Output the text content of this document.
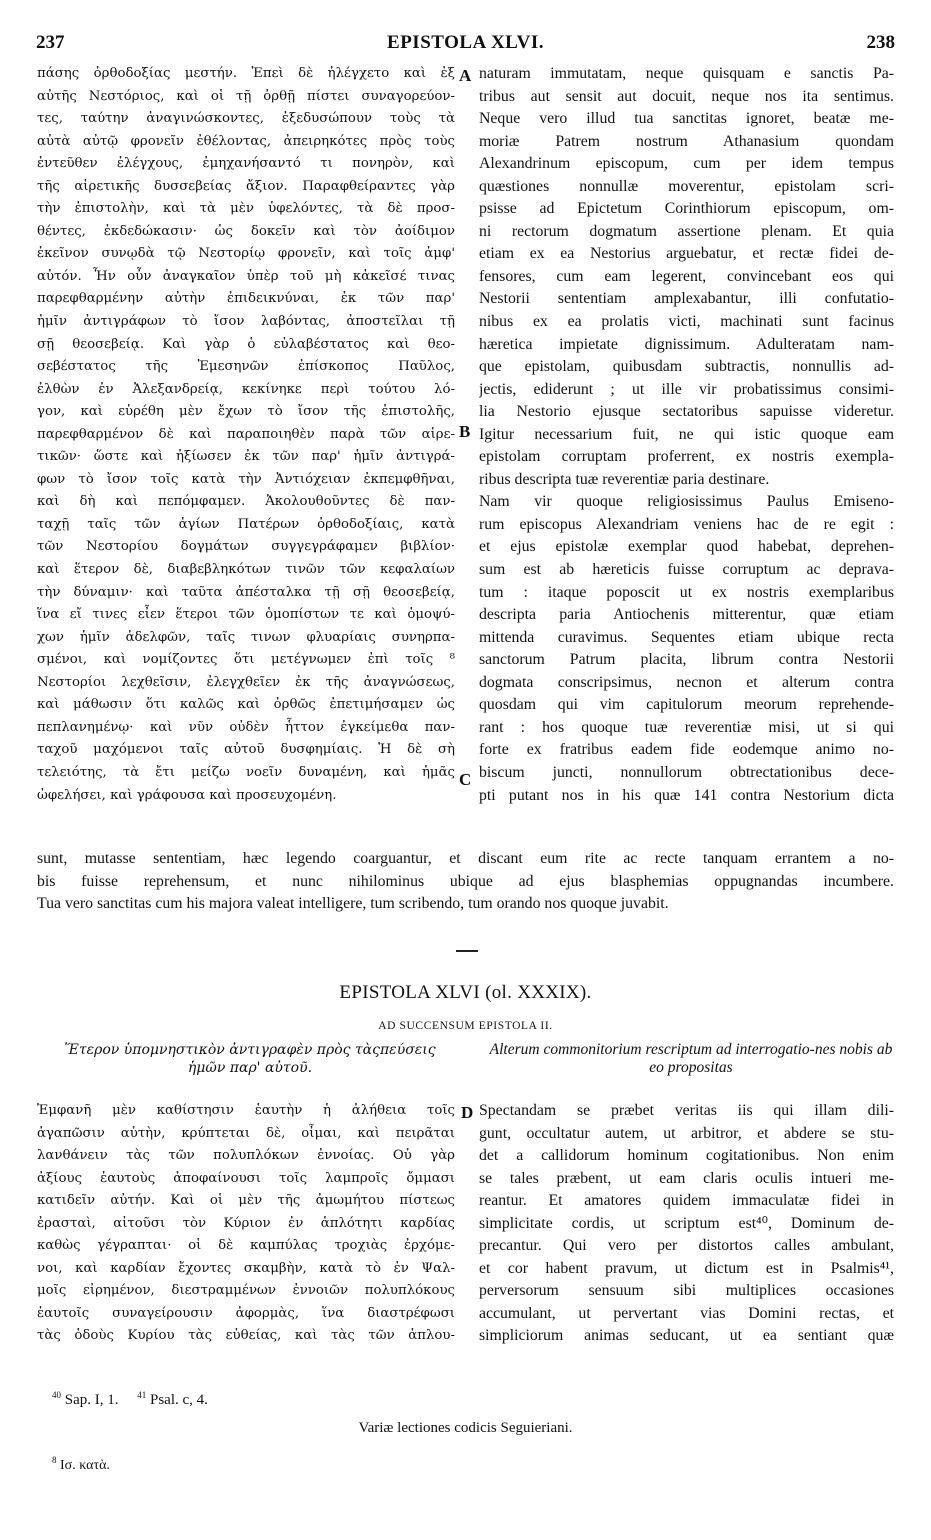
237	EPISTOLA XLVI.	238
πάσης ὀρθοδοξίας μεστήν. Ἐπεὶ δὲ ἠλέγχετο καὶ ἐξ
αὐτῆς Νεστόριος, καὶ οἱ τῇ ὀρθῇ πίστει συναγορεύον-
τες, ταύτην ἀναγινώσκοντες, ἐξεδυσώπουν τοὺς τὰ
αὐτὰ αὐτῷ φρονεῖν ἐθέλοντας, ἀπειρηκότες πρὸς τοὺς
ἐντεῦθεν ἐλέγχους, ἐμηχανήσαντό τι πονηρὸν, καὶ
τῆς αἱρετικῆς δυσσεβείας ἄξιον. Παραφθείραντες γὰρ
τὴν ἐπιστολὴν, καὶ τὰ μὲν ὑφελόντες, τὰ δὲ προσ-
θέντες, ἐκδεδώκασιν· ὡς δοκεῖν καὶ τὸν ἀοίδιμον
ἐκεῖνον συνῳδὰ τῷ Νεστορίῳ φρονεῖν, καὶ τοῖς ἀμφ'
αὐτόν. Ἦν οὖν ἀναγκαῖον ὑπὲρ τοῦ μὴ κἀκεῖσέ τινας
παρεφθαρμένην αὐτὴν ἐπιδεικνύναι, ἐκ τῶν παρ'
ἡμῖν ἀντιγράφων τὸ ἴσον λαβόντας, ἀποστεῖλαι τῇ
σῇ θεοσεβείᾳ. Καὶ γὰρ ὁ εὐλαβέστατος καὶ θεο-
σεβέστατος τῆς Ἐμεσηνῶν ἐπίσκοπος Παῦλος,
ἐλθὼν ἐν Ἀλεξανδρείᾳ, κεκίνηκε περὶ τούτου λό-
γον, καὶ εὑρέθη μὲν ἔχων τὸ ἴσον τῆς ἐπιστολῆς,
παρεφθαρμένον δὲ καὶ παραποιηθὲν παρὰ τῶν αἱρε-
τικῶν· ὥστε καὶ ἠξίωσεν ἐκ τῶν παρ' ἡμῖν ἀντιγρά-
φων τὸ ἴσον τοῖς κατὰ τὴν Ἀντιόχειαν ἐκπεμφθῆναι,
καὶ δὴ καὶ πεπόμφαμεν. Ἀκολουθοῦντες δὲ παν-
ταχῇ ταῖς τῶν ἁγίων Πατέρων ὀρθοδοξίαις, κατὰ
τῶν Νεστορίου δογμάτων συγγεγράφαμεν βιβλίον·
καὶ ἕτερον δὲ, διαβεβληκότων τινῶν τῶν κεφαλαίων
τὴν δύναμιν· καὶ ταῦτα ἀπέσταλκα τῇ σῇ θεοσεβείᾳ,
ἵνα εἴ τινες εἶεν ἕτεροι τῶν ὁμοπίστων τε καὶ ὁμοψύ-
χων ἡμῖν ἀδελφῶν, ταῖς τινων φλυαρίαις συνηρπα-
σμένοι, καὶ νομίζοντες ὅτι μετέγνωμεν ἐπὶ τοῖς ⁸
Νεστορίοι λεχθεῖσιν, ἐλεγχθεῖεν ἐκ τῆς ἀναγνώσεως,
καὶ μάθωσιν ὅτι καλῶς καὶ ὀρθῶς ἐπετιμήσαμεν ὡς
πεπλανημένῳ· καὶ νῦν οὐδὲν ἧττον ἐγκείμεθα παν-
ταχοῦ μαχόμενοι ταῖς αὐτοῦ δυσφημίαις. Ἡ δὲ σὴ
τελειότης, τὰ ἔτι μείζω νοεῖν δυναμένη, καὶ ἡμᾶς
ὠφελήσει, καὶ γράφουσα καὶ προσευχομένη.
naturam immutatam, neque quisquam e sanctis Pa-
tribus aut sensit aut docuit, neque nos ita sentimus.
Neque vero illud tua sanctitas ignoret, beatæ me-
moriæ Patrem nostrum Athanasium quondam
Alexandrinum episcopum, cum per idem tempus
quæstiones nonnullæ moverentur, epistolam scri-
psisse ad Epictetum Corinthiorum episcopum, om-
ni rectorum dogmatum assertione plenam. Et quia
etiam ex ea Nestorius arguebatur, et rectæ fidei de-
fensores, cum eam legerent, convincebant eos qui
Nestorii sententiam amplexabantur, illi confutatio-
nibus ex ea prolatis victi, machinati sunt facinus
hæretica impietate dignissimum. Adulteratam nam-
que epistolam, quibusdam subtractis, nonnullis ad-
jectis, ediderunt ; ut ille vir probatissimus consimi-
lia Nestorio ejusque sectatoribus sapuisse videretur.
Igitur necessarium fuit, ne qui istic quoque eam
epistolam corruptam proferrent, ex nostris exempla-
ribus descripta tuæ reverentiæ paria destinare.
Nam vir quoque religiosissimus Paulus Emiseno-
rum episcopus Alexandriam veniens hac de re egit :
et ejus epistolæ exemplar quod habebat, deprehen-
sum est ab hæreticis fuisse corruptum ac deprava-
tum : itaque poposcit ut ex nostris exemplaribus
descripta paria Antiochenis mitterentur, quæ etiam
mittenda curavimus. Sequentes etiam ubique recta
sanctorum Patrum placita, librum contra Nestorii
dogmata conscripsimus, necnon et alterum contra
quosdam qui vim capitulorum meorum reprehende-
rant : hos quoque tuæ reverentiæ misi, ut si qui
forte ex fratribus eadem fide eodemque animo no-
biscum juncti, nonnullorum obtrectationibus dece-
pti putant nos in his quæ 141 contra Nestorium dicta
A
B
C
sunt, mutasse sententiam, hæc legendo coarguantur, et discant eum rite ac recte tanquam errantem a no-
bis fuisse reprehensum, et nunc nihilominus ubique ad ejus blasphemias oppugnandas incumbere.
Tua vero sanctitas cum his majora valeat intelligere, tum scribendo, tum orando nos quoque juvabit.
EPISTOLA XLVI (ol. XXXIX).
AD SUCCENSUM EPISTOLA II.
Ἕτερον ὑπομνηστικὸν ἀντιγραφὲν πρὸς τὰςπεύσεις ἡμῶν παρ' αὐτοῦ.
Alterum commonitorium rescriptum ad interrogatio-nes nobis ab eo propositas
D
Ἐμφανῆ μὲν καθίστησιν ἑαυτὴν ἡ ἀλήθεια τοῖς
ἀγαπῶσιν αὐτὴν, κρύπτεται δὲ, οἶμαι, καὶ πειρᾶται
λανθάνειν τὰς τῶν πολυπλόκων ἐννοίας. Οὐ γὰρ
ἀξίους ἑαυτοὺς ἀποφαίνουσι τοῖς λαμπροῖς ὄμμασι
κατιδεῖν αὐτήν. Καὶ οἱ μὲν τῆς ἀμωμήτου πίστεως
ἐρασταὶ, αἰτοῦσι τὸν Κύριον ἐν ἁπλότητι καρδίας
καθὼς γέγραπται· οἱ δὲ καμπύλας τροχιὰς ἐρχόμε-
νοι, καὶ καρδίαν ἔχοντες σκαμβὴν, κατὰ τὸ ἐν Ψαλ-
μοῖς εἰρημένον, διεστραμμένων ἐννοιῶν πολυπλόκους
ἑαυτοῖς συναγείρουσιν ἀφορμὰς, ἵνα διαστρέφωσι
τὰς ὁδοὺς Κυρίου τὰς εὐθείας, καὶ τὰς τῶν ἁπλου-
Spectandam se præbet veritas iis qui illam dili-
gunt, occultatur autem, ut arbitror, et abdere se stu-
det a callidorum hominum cogitationibus. Non enim
se tales præbent, ut eam claris oculis intueri me-
reantur. Et amatores quidem immaculatæ fidei in
simplicitate cordis, ut scriptum est⁴⁰, Dominum de-
precantur. Qui vero per distortos calles ambulant,
et cor habent pravum, ut dictum est in Psalmis⁴¹,
perversorum sensuum sibi multiplices occasiones
accumulant, ut pervertant vias Domini rectas, et
simpliciorum animas seducant, ut ea sentiant quæ
$^{40}$ Sap. I, 1. $^{41}$ Psal. c, 4.
Variæ lectiones codicis Seguieriani.
$^8$ Ισ. κατὰ.
